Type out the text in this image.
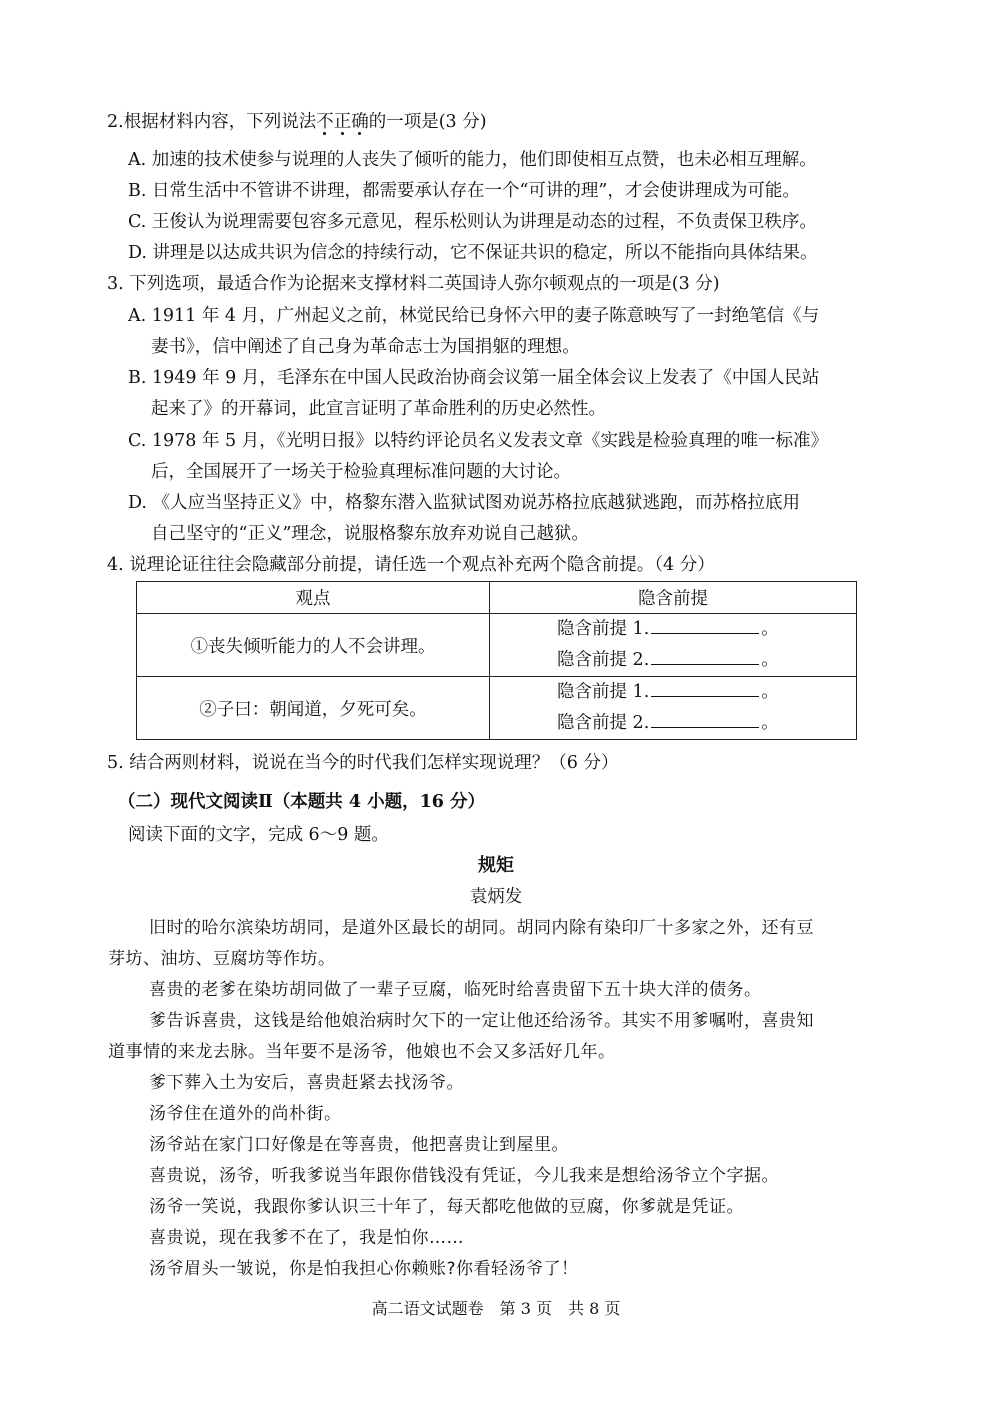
2.根据材料内容，下列说法不正确的一项是(3 分)
A. 加速的技术使参与说理的人丧失了倾听的能力，他们即使相互点赞，也未必相互理解。
B. 日常生活中不管讲不讲理，都需要承认存在一个“可讲的理”，才会使讲理成为可能。
C. 王俊认为说理需要包容多元意见，程乐松则认为讲理是动态的过程，不负责保卫秩序。
D. 讲理是以达成共识为信念的持续行动，它不保证共识的稳定，所以不能指向具体结果。
3. 下列选项，最适合作为论据来支撑材料二英国诗人弥尔顿观点的一项是(3 分)
A. 1911 年 4 月，广州起义之前，林觉民给已身怀六甲的妻子陈意映写了一封绝笔信《与
妻书》，信中阐述了自己身为革命志士为国捐躯的理想。
B. 1949 年 9 月，毛泽东在中国人民政治协商会议第一届全体会议上发表了《中国人民站
起来了》的开幕词，此宣言证明了革命胜利的历史必然性。
C. 1978 年 5 月，《光明日报》以特约评论员名义发表文章《实践是检验真理的唯一标准》
后，全国展开了一场关于检验真理标准问题的大讨论。
D. 《人应当坚持正义》中，格黎东潜入监狱试图劝说苏格拉底越狱逃跑，而苏格拉底用
自己坚守的“正义”理念，说服格黎东放弃劝说自己越狱。
4. 说理论证往往会隐藏部分前提，请任选一个观点补充两个隐含前提。（4 分）
观点	隐含前提
①丧失倾听能力的人不会讲理。	隐含前提 1. 。
隐含前提 2. 。

②子曰：朝闻道，夕死可矣。	隐含前提 1. 。
隐含前提 2. 。
5. 结合两则材料，说说在当今的时代我们怎样实现说理？（6 分）
（二）现代文阅读Ⅱ（本题共 4 小题，16 分）
阅读下面的文字，完成 6～9 题。
规矩
袁炳发
旧时的哈尔滨染坊胡同，是道外区最长的胡同。胡同内除有染印厂十多家之外，还有豆
芽坊、油坊、豆腐坊等作坊。
喜贵的老爹在染坊胡同做了一辈子豆腐，临死时给喜贵留下五十块大洋的债务。
爹告诉喜贵，这钱是给他娘治病时欠下的一定让他还给汤爷。其实不用爹嘱咐，喜贵知
道事情的来龙去脉。当年要不是汤爷，他娘也不会又多活好几年。
爹下葬入土为安后，喜贵赶紧去找汤爷。
汤爷住在道外的尚朴街。
汤爷站在家门口好像是在等喜贵，他把喜贵让到屋里。
喜贵说，汤爷，听我爹说当年跟你借钱没有凭证，今儿我来是想给汤爷立个字据。
汤爷一笑说，我跟你爹认识三十年了，每天都吃他做的豆腐，你爹就是凭证。
喜贵说，现在我爹不在了，我是怕你……
汤爷眉头一皱说，你是怕我担心你赖账?你看轻汤爷了！
高二语文试题卷　第 3 页　共 8 页
